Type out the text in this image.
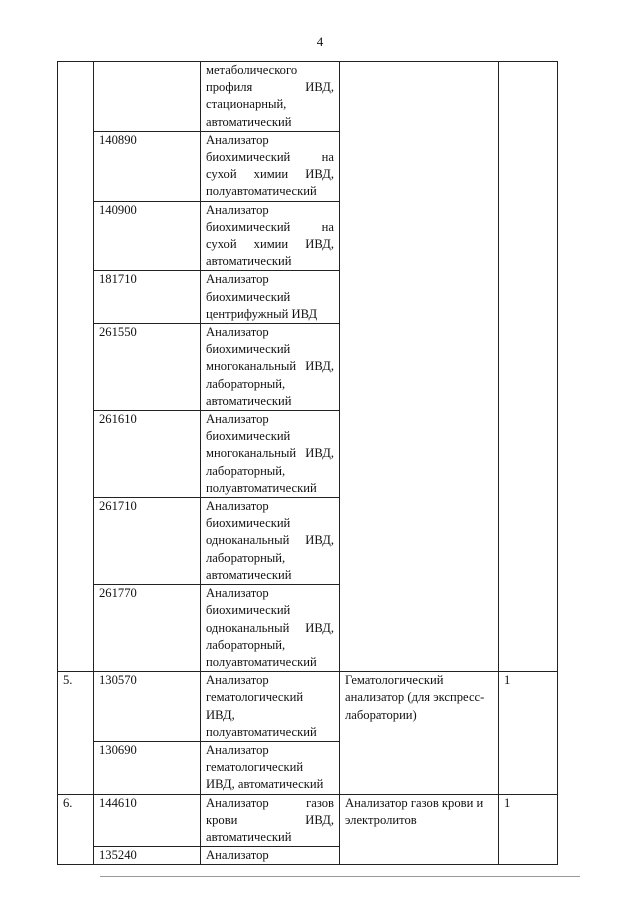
4
		метаболического профиля ИВД, стационарный, автоматический		
	140890	Анализатор биохимический на сухой химии ИВД, полуавтоматический		
	140900	Анализатор биохимический на сухой химии ИВД, автоматический		
	181710	Анализатор биохимический центрифужный ИВД		
	261550	Анализатор биохимический многоканальный ИВД, лабораторный, автоматический		
	261610	Анализатор биохимический многоканальный ИВД, лабораторный, полуавтоматический		
	261710	Анализатор биохимический одноканальный ИВД, лабораторный, автоматический		
	261770	Анализатор биохимический одноканальный ИВД, лабораторный, полуавтоматический		
5.	130570	Анализатор гематологический ИВД, полуавтоматический	Гематологический анализатор (для экспресс-лаборатории)	1
	130690	Анализатор гематологический ИВД, автоматический		
6.	144610	Анализатор газов крови ИВД, автоматический	Анализатор газов крови и электролитов	1
	135240	Анализатор		
